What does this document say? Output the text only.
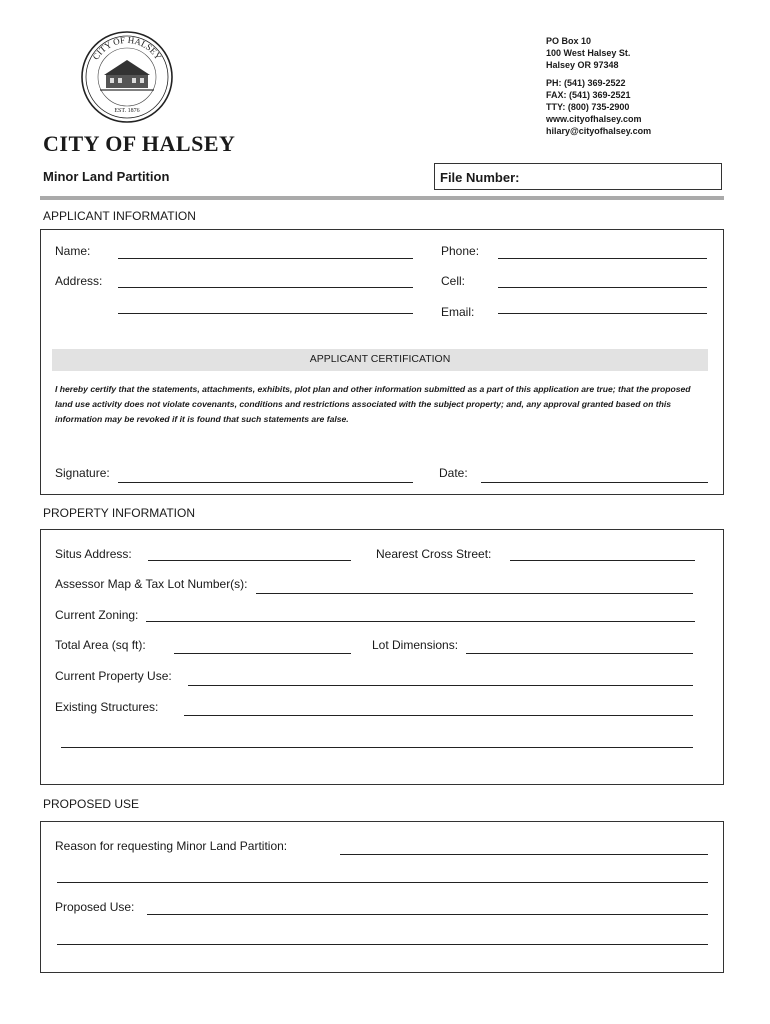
CITY OF HALSEY
EST. 1876
CITY OF HALSEY
PO Box 10
100 West Halsey St.
Halsey OR 97348
PH: (541) 369-2522
FAX: (541) 369-2521
TTY: (800) 735-2900
www.cityofhalsey.com
hilary@cityofhalsey.com
Minor Land Partition	File Number:
APPLICANT INFORMATION
Name:	Phone:
Address:	Cell:
Email:
APPLICANT CERTIFICATION
I hereby certify that the statements, attachments, exhibits, plot plan and other information submitted as a part of this application are true; that the proposed land use activity does not violate covenants, conditions and restrictions associated with the subject property; and, any approval granted based on this information may be revoked if it is found that such statements are false.
Signature:	Date:
PROPERTY INFORMATION
Situs Address:	Nearest Cross Street:
Assessor Map & Tax Lot Number(s):
Current Zoning:
Total Area (sq ft):	Lot Dimensions:
Current Property Use:
Existing Structures:
PROPOSED USE
Reason for requesting Minor Land Partition:
Proposed Use:
